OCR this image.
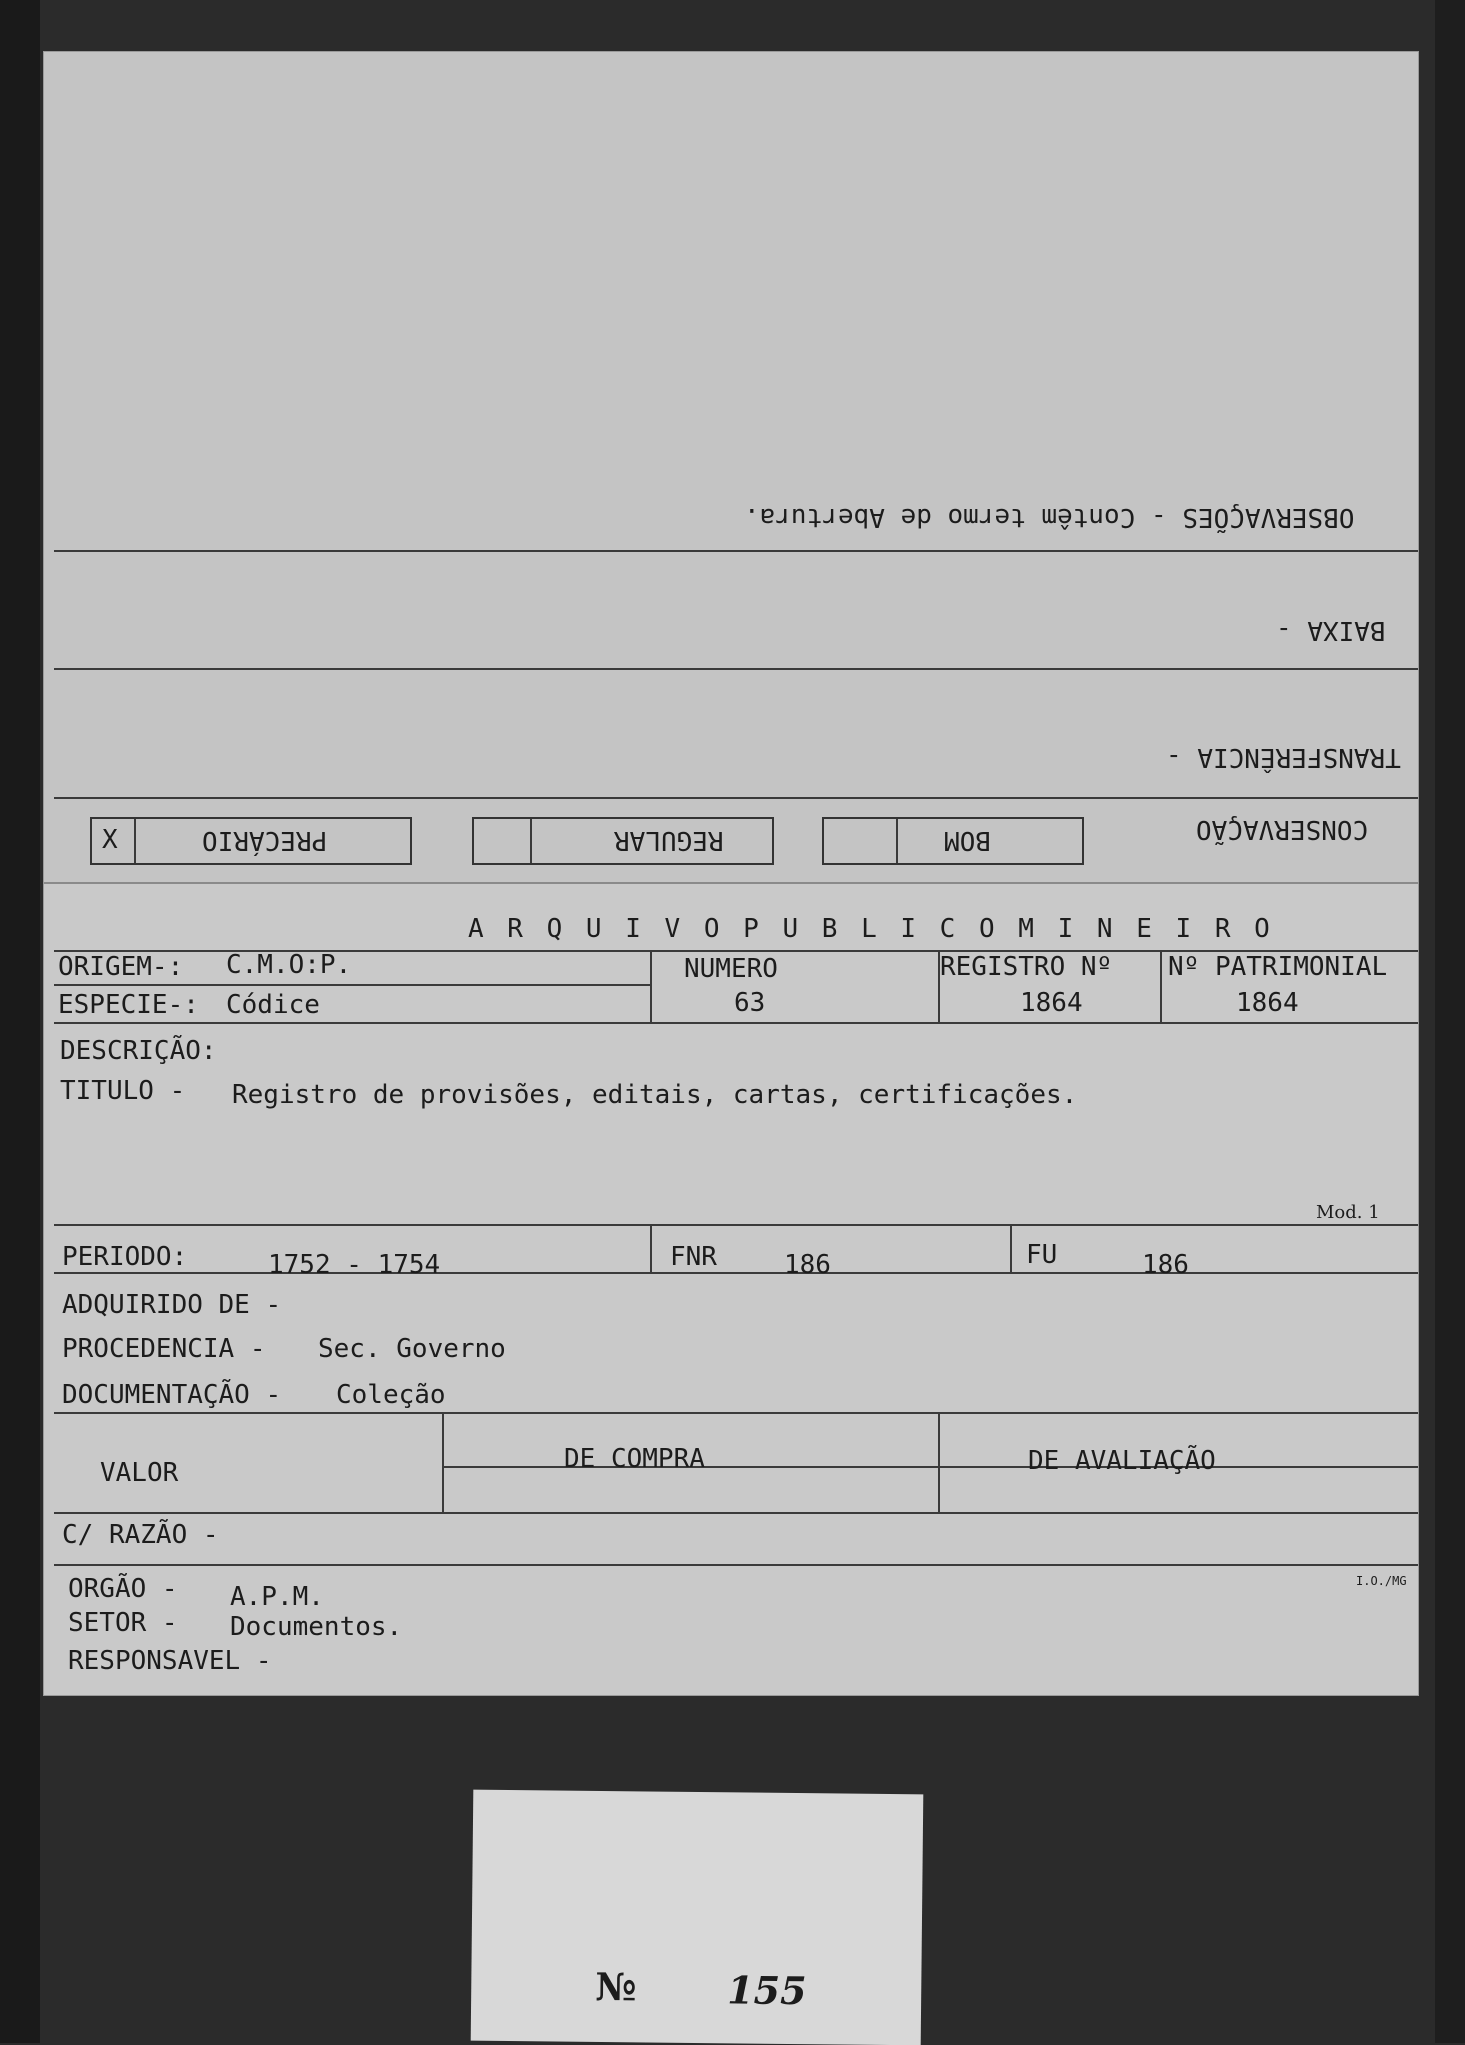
OBSERVAÇÕES - Contêm termo de Abertura.
BAIXA -
TRANSFERÊNCIA -
CONSERVAÇÃO
BOM
REGULAR
X	PRECÁRIO
A R Q U I V O P U B L I C O M I N E I R O
ORIGEM-: C.M.O:P.
ESPECIE-: Códice
NUMERO
63
REGISTRO Nº
1864
Nº PATRIMONIAL
1864
DESCRIÇÃO:
TITULO - Registro de provisões, editais, cartas, certificações.
Mod. 1
PERIODO:	1752 - 1754	FNR	186	FU	186
ADQUIRIDO DE -
PROCEDENCIA - Sec. Governo
DOCUMENTAÇÃO - Coleção
VALOR	DE COMPRA	DE AVALIAÇÃO
C/ RAZÃO -
ORGÃO - A.P.M.
SETOR - Documentos.
RESPONSAVEL -
I.O./MG
№ 155
